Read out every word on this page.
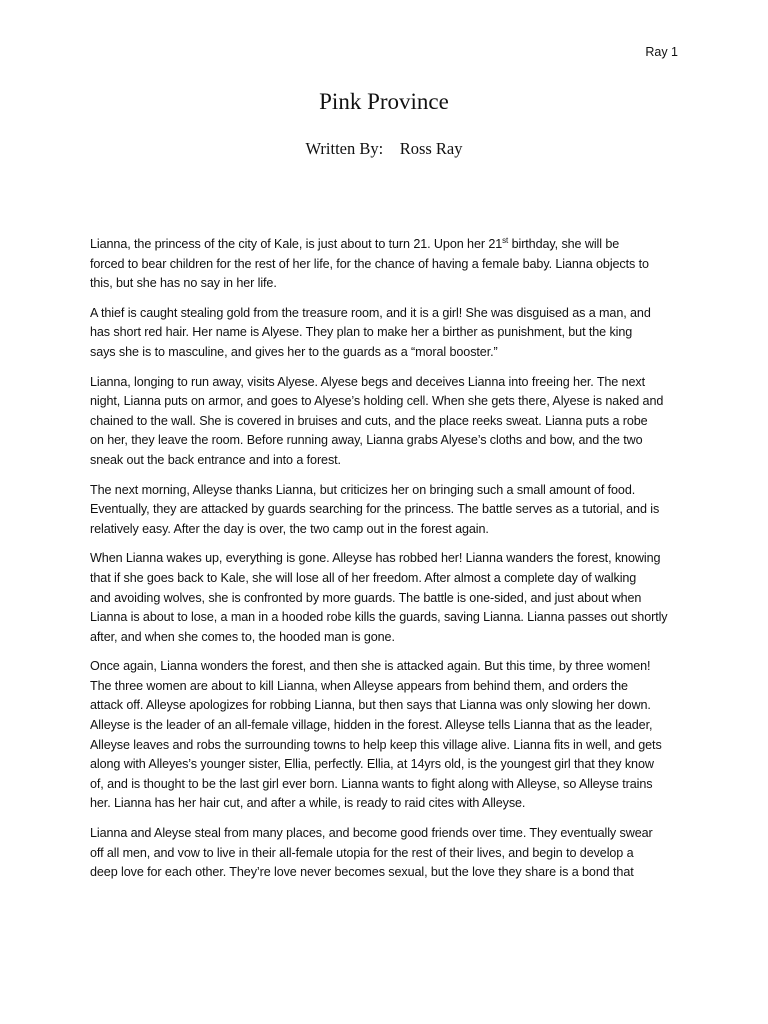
Ray 1
Pink Province
Written By:    Ross Ray
Lianna, the princess of the city of Kale, is just about to turn 21. Upon her 21st birthday, she will be
forced to bear children for the rest of her life, for the chance of having a female baby. Lianna objects to
this, but she has no say in her life.
A thief is caught stealing gold from the treasure room, and it is a girl! She was disguised as a man, and
has short red hair. Her name is Alyese. They plan to make her a birther as punishment, but the king
says she is to masculine, and gives her to the guards as a “moral booster.”
Lianna, longing to run away, visits Alyese. Alyese begs and deceives Lianna into freeing her. The next
night, Lianna puts on armor, and goes to Alyese’s holding cell. When she gets there, Alyese is naked and
chained to the wall. She is covered in bruises and cuts, and the place reeks sweat. Lianna puts a robe
on her, they leave the room. Before running away, Lianna grabs Alyese’s cloths and bow, and the two
sneak out the back entrance and into a forest.
The next morning, Alleyse thanks Lianna, but criticizes her on bringing such a small amount of food.
Eventually, they are attacked by guards searching for the princess. The battle serves as a tutorial, and is
relatively easy. After the day is over, the two camp out in the forest again.
When Lianna wakes up, everything is gone. Alleyse has robbed her! Lianna wanders the forest, knowing
that if she goes back to Kale, she will lose all of her freedom. After almost a complete day of walking
and avoiding wolves, she is confronted by more guards. The battle is one-sided, and just about when
Lianna is about to lose, a man in a hooded robe kills the guards, saving Lianna. Lianna passes out shortly
after, and when she comes to, the hooded man is gone.
Once again, Lianna wonders the forest, and then she is attacked again. But this time, by three women!
The three women are about to kill Lianna, when Alleyse appears from behind them, and orders the
attack off. Alleyse apologizes for robbing Lianna, but then says that Lianna was only slowing her down.
Alleyse is the leader of an all-female village, hidden in the forest. Alleyse tells Lianna that as the leader,
Alleyse leaves and robs the surrounding towns to help keep this village alive. Lianna fits in well, and gets
along with Alleyes’s younger sister, Ellia, perfectly. Ellia, at 14yrs old, is the youngest girl that they know
of, and is thought to be the last girl ever born. Lianna wants to fight along with Alleyse, so Alleyse trains
her. Lianna has her hair cut, and after a while, is ready to raid cites with Alleyse.
Lianna and Aleyse steal from many places, and become good friends over time. They eventually swear
off all men, and vow to live in their all-female utopia for the rest of their lives, and begin to develop a
deep love for each other. They’re love never becomes sexual, but the love they share is a bond that
